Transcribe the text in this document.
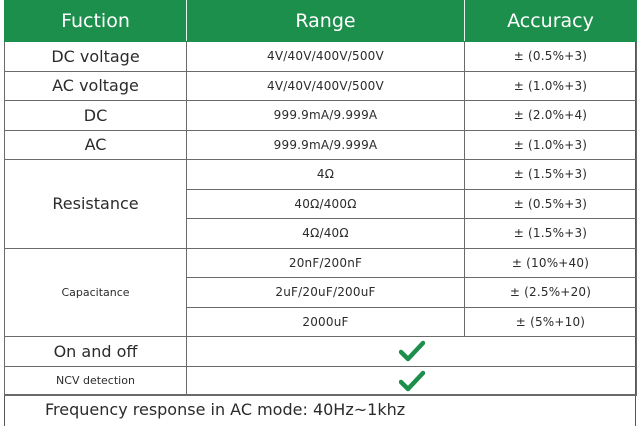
Fuction	Range	Accuracy
DC voltage	4V/40V/400V/500V	± (0.5%+3)
AC voltage	4V/40V/400V/500V	± (1.0%+3)
DC	999.9mA/9.999A	± (2.0%+4)
AC	999.9mA/9.999A	± (1.0%+3)
Resistance	4Ω	± (1.5%+3)
	40Ω/400Ω	± (0.5%+3)
	4Ω/40Ω	± (1.5%+3)
Capacitance	20nF/200nF	± (10%+40)
	2uF/20uF/200uF	± (2.5%+20)
	2000uF	± (5%+10)
On and off	
NCV detection	
Frequency response in AC mode: 40Hz~1khz
